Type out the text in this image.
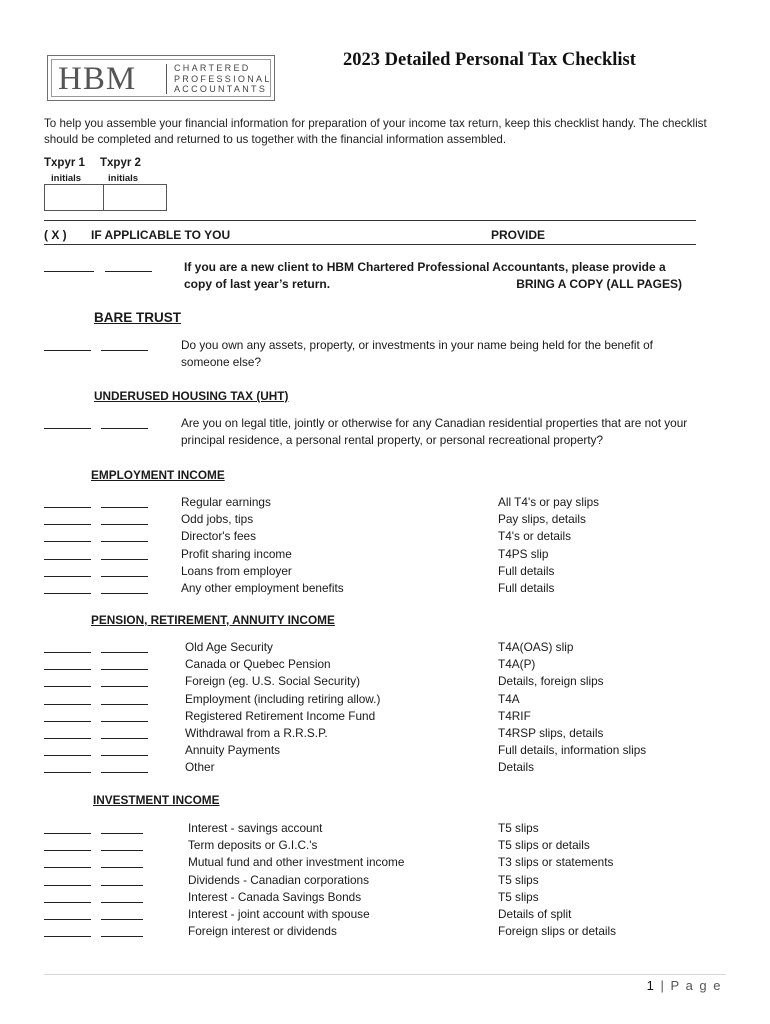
HBM	CHARTERED
PROFESSIONAL
ACCOUNTANTS
2023 Detailed Personal Tax Checklist
To help you assemble your financial information for preparation of your income tax return, keep this checklist handy. The checklist should be completed and returned to us together with the financial information assembled.
Txpyr 1 Txpyr 2
initials	initials
( X ) IF APPLICABLE TO YOU	PROVIDE
If you are a new client to HBM Chartered Professional Accountants, please provide a copy of last year’s return.	BRING A COPY (ALL PAGES)
BARE TRUST
Do you own any assets, property, or investments in your name being held for the benefit of someone else?
UNDERUSED HOUSING TAX (UHT)
Are you on legal title, jointly or otherwise for any Canadian residential properties that are not your principal residence, a personal rental property, or personal recreational property?
EMPLOYMENT INCOME
Regular earnings	All T4's or pay slips
Odd jobs, tips	Pay slips, details
Director's fees	T4's or details
Profit sharing income	T4PS slip
Loans from employer	Full details
Any other employment benefits	Full details
PENSION, RETIREMENT, ANNUITY INCOME
Old Age Security	T4A(OAS) slip
Canada or Quebec Pension	T4A(P)
Foreign (eg. U.S. Social Security)	Details, foreign slips
Employment (including retiring allow.)	T4A
Registered Retirement Income Fund	T4RIF
Withdrawal from a R.R.S.P.	T4RSP slips, details
Annuity Payments	Full details, information slips
Other	Details
INVESTMENT INCOME
Interest - savings account	T5 slips
Term deposits or G.I.C.'s	T5 slips or details
Mutual fund and other investment income	T3 slips or statements
Dividends - Canadian corporations	T5 slips
Interest - Canada Savings Bonds	T5 slips
Interest - joint account with spouse	Details of split
Foreign interest or dividends	Foreign slips or details
1 | P a g e
